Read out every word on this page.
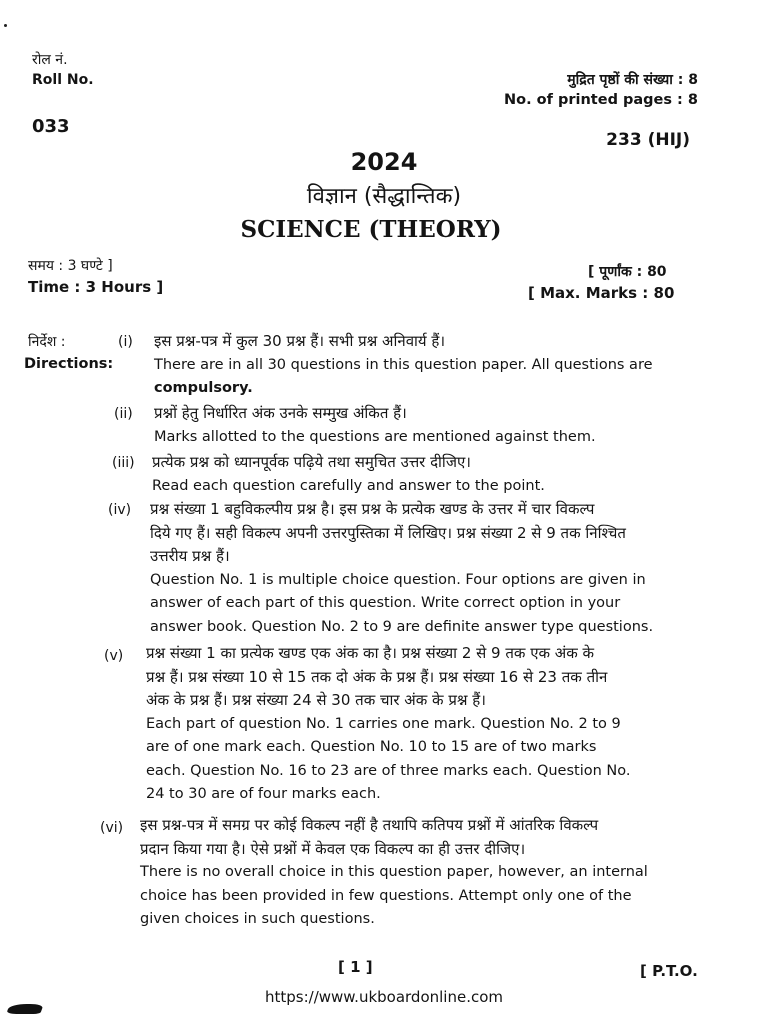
रोल नं.
Roll No.
033
मुद्रित पृष्ठों की संख्या : 8
No. of printed pages : 8
233 (HIJ)
2024
विज्ञान (सैद्धान्तिक)
SCIENCE (THEORY)
समय : 3 घण्टे ]
Time : 3 Hours ]
[ पूर्णांक : 80
[ Max. Marks : 80
निर्देश :
Directions:
(i) इस प्रश्न-पत्र में कुल 30 प्रश्न हैं। सभी प्रश्न अनिवार्य हैं।
There are in all 30 questions in this question paper. All questions are
compulsory.
(ii) प्रश्नों हेतु निर्धारित अंक उनके सम्मुख अंकित हैं।
Marks allotted to the questions are mentioned against them.
(iii) प्रत्येक प्रश्न को ध्यानपूर्वक पढ़िये तथा समुचित उत्तर दीजिए।
Read each question carefully and answer to the point.
(iv) प्रश्न संख्या 1 बहुविकल्पीय प्रश्न है। इस प्रश्न के प्रत्येक खण्ड के उत्तर में चार विकल्प
दिये गए हैं। सही विकल्प अपनी उत्तरपुस्तिका में लिखिए। प्रश्न संख्या 2 से 9 तक निश्चित
उत्तरीय प्रश्न हैं।
Question No. 1 is multiple choice question. Four options are given in
answer of each part of this question. Write correct option in your
answer book. Question No. 2 to 9 are definite answer type questions.
(v) प्रश्न संख्या 1 का प्रत्येक खण्ड एक अंक का है। प्रश्न संख्या 2 से 9 तक एक अंक के
प्रश्न हैं। प्रश्न संख्या 10 से 15 तक दो अंक के प्रश्न हैं। प्रश्न संख्या 16 से 23 तक तीन
अंक के प्रश्न हैं। प्रश्न संख्या 24 से 30 तक चार अंक के प्रश्न हैं।
Each part of question No. 1 carries one mark. Question No. 2 to 9
are of one mark each. Question No. 10 to 15 are of two marks
each. Question No. 16 to 23 are of three marks each. Question No.
24 to 30 are of four marks each.
(vi) इस प्रश्न-पत्र में समग्र पर कोई विकल्प नहीं है तथापि कतिपय प्रश्नों में आंतरिक विकल्प
प्रदान किया गया है। ऐसे प्रश्नों में केवल एक विकल्प का ही उत्तर दीजिए।
There is no overall choice in this question paper, however, an internal
choice has been provided in few questions. Attempt only one of the
given choices in such questions.
[ 1 ]	[ P.T.O.
https://www.ukboardonline.com
